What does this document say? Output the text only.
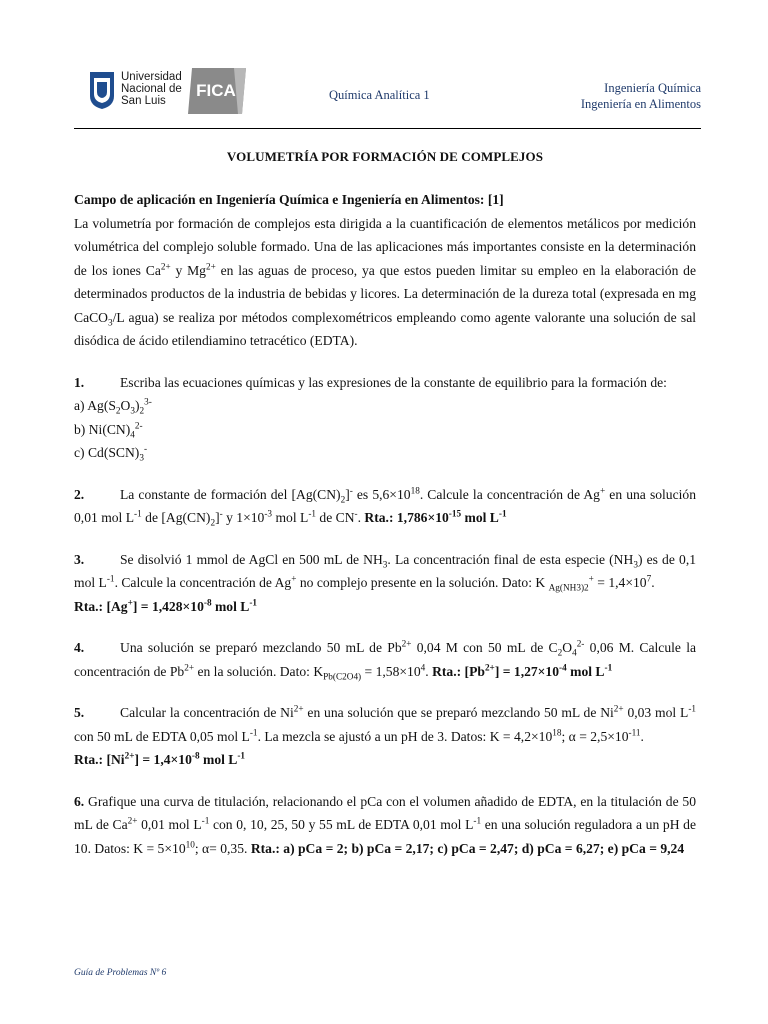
Universidad
Nacional de
San Luis
FICA	Química Analítica 1	Ingeniería Química
Ingeniería en Alimentos
VOLUMETRÍA POR FORMACIÓN DE COMPLEJOS

Campo de aplicación en Ingeniería Química e Ingeniería en Alimentos: [1]

La volumetría por formación de complejos esta dirigida a la cuantificación de elementos metálicos por medición volumétrica del complejo soluble formado. Una de las aplicaciones más importantes consiste en la determinación de los iones $Ca^{2+}$ y $Mg^{2+}$ en las aguas de proceso, ya que estos pueden limitar su empleo en la elaboración de determinados productos de la industria de bebidas y licores. La determinación de la dureza total (expresada en mg CaCO$_3$/L agua) se realiza por métodos complexométricos empleando como agente valorante una solución de sal disódica de ácido etilendiamino tetracético (EDTA).

1.	Escriba las ecuaciones químicas y las expresiones de la constante de equilibrio para la formación de:

a) $Ag(S_2O_3)_2^{3-}$

b) $Ni(CN)_4^{2-}$

c) $Cd(SCN)_3^-$

2.	La constante de formación del $[Ag(CN)_2]^-$ es $5,6\times 10^{18}$. Calcule la concentración de Ag+ en una solución 0,01 mol $L^{-1}$ de $[Ag(CN)_2]^-$ y $1\times 10^{-3}$ mol $L^{-1}$ de CN-. Rta.: $1,786\times 10^{-15}$ mol $L^{-1}$

3.	Se disolvió 1 mmol de AgCl en 500 mL de $NH_3$. La concentración final de esta especie $(NH_3)$ es de 0,1 mol $L^{-1}$. Calcule la concentración de Ag+ no complejo presente en la solución. Dato: K $_{Ag(NH3)2}^+ = 1,4\times 10^7$.
Rta.: $[Ag^+] = 1,428\times 10^{-8}$ mol $L^{-1}$

4.	Una solución se preparó mezclando 50 mL de $Pb^{2+}$ 0,04 M con 50 mL de $C_2O_4^{2-}$ 0,06 M. Calcule la concentración de $Pb^{2+}$ en la solución. Dato: $K_{Pb(C2O4)} = 1,58\times 10^4$. Rta.: $[Pb^{2+}] = 1,27\times 10^{-4}$ mol $L^{-1}$

5.	Calcular la concentración de $Ni^{2+}$ en una solución que se preparó mezclando 50 mL de $Ni^{2+}$ 0,03 mol $L^{-1}$ con 50 mL de EDTA 0,05 mol $L^{-1}$. La mezcla se ajustó a un pH de 3. Datos: $K = 4,2\times 10^{18}$; $\alpha = 2,5\times 10^{-11}$.
Rta.: $[Ni^{2+}] = 1,4\times 10^{-8}$ mol $L^{-1}$

6. Grafique una curva de titulación, relacionando el pCa con el volumen añadido de EDTA, en la titulación de 50 mL de $Ca^{2+}$ 0,01 mol $L^{-1}$ con 0, 10, 25, 50 y 55 mL de EDTA 0,01 mol $L^{-1}$ en una solución reguladora a un pH de 10. Datos: $K = 5\times 10^{10}$; α= 0,35. Rta.: a) pCa = 2; b) pCa = 2,17; c) pCa = 2,47; d) pCa = 6,27; e) pCa = 9,24

Guía de Problemas Nº 6
